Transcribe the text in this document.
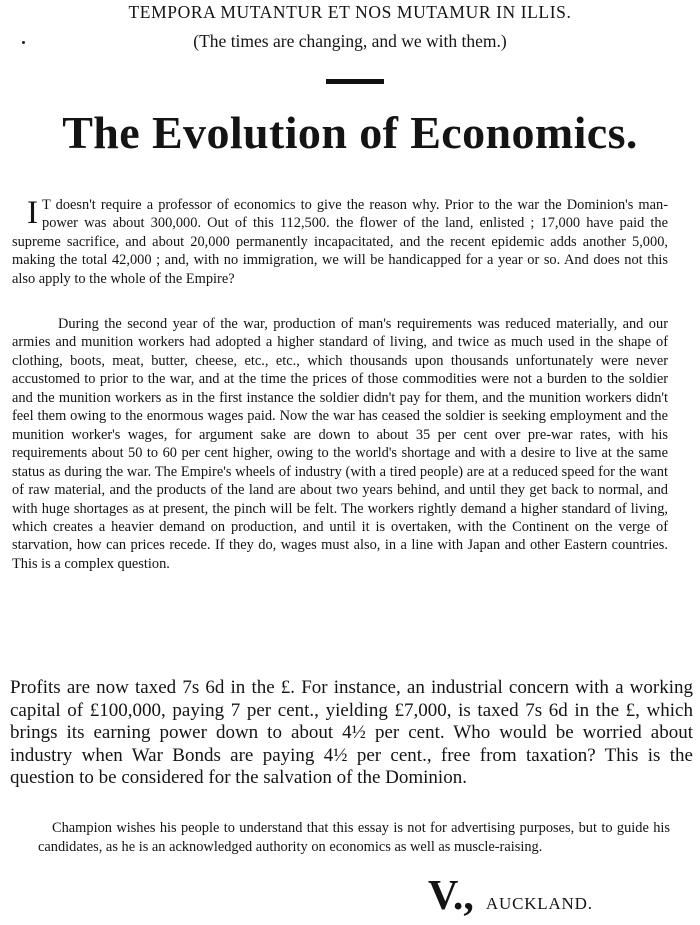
TEMPORA MUTANTUR ET NOS MUTAMUR IN ILLIS.
(The times are changing, and we with them.)
The Evolution of Economics.
I T doesn't require a professor of economics to give the reason why. Prior to the war the Dominion's man-power was about 300,000. Out of this 112,500. the flower of the land, enlisted ; 17,000 have paid the supreme sacrifice, and about 20,000 permanently incapacitated, and the recent epidemic adds another 5,000, making the total 42,000 ; and, with no immigration, we will be handicapped for a year or so. And does not this also apply to the whole of the Empire?
During the second year of the war, production of man's requirements was reduced materially, and our armies and munition workers had adopted a higher standard of living, and twice as much used in the shape of clothing, boots, meat, butter, cheese, etc., etc., which thousands upon thousands unfortunately were never accustomed to prior to the war, and at the time the prices of those commodities were not a burden to the soldier and the munition workers as in the first instance the soldier didn't pay for them, and the munition workers didn't feel them owing to the enormous wages paid. Now the war has ceased the soldier is seeking employment and the munition worker's wages, for argument sake are down to about 35 per cent over pre-war rates, with his requirements about 50 to 60 per cent higher, owing to the world's shortage and with a desire to live at the same status as during the war. The Empire's wheels of industry (with a tired people) are at a reduced speed for the want of raw material, and the products of the land are about two years behind, and until they get back to normal, and with huge shortages as at present, the pinch will be felt. The workers rightly demand a higher standard of living, which creates a heavier demand on production, and until it is overtaken, with the Continent on the verge of starvation, how can prices recede. If they do, wages must also, in a line with Japan and other Eastern countries. This is a complex question.
Profits are now taxed 7s 6d in the £. For instance, an industrial concern with a working capital of £100,000, paying 7 per cent., yielding £7,000, is taxed 7s 6d in the £, which brings its earning power down to about 4½ per cent. Who would be worried about industry when War Bonds are paying 4½ per cent., free from taxation? This is the question to be considered for the salvation of the Dominion.
Champion wishes his people to understand that this essay is not for advertising purposes, but to guide his candidates, as he is an acknowledged authority on economics as well as muscle-raising.
V., AUCKLAND.
